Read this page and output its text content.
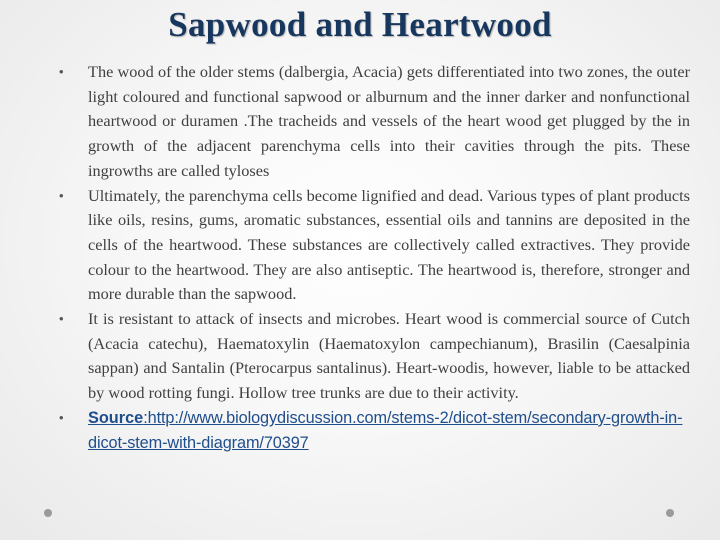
Sapwood and Heartwood
• The wood of the older stems (dalbergia, Acacia) gets differentiated into two zones, the outer light coloured and functional sapwood or alburnum and the inner darker and nonfunctional heartwood or duramen .The tracheids and vessels of the heart wood get plugged by the in growth of the adjacent parenchyma cells into their cavities through the pits. These ingrowths are called tyloses
• Ultimately, the parenchyma cells become lignified and dead. Various types of plant products like oils, resins, gums, aromatic substances, essential oils and tannins are deposited in the cells of the heartwood. These substances are collectively called extractives. They provide colour to the heartwood. They are also antiseptic. The heartwood is, therefore, stronger and more durable than the sapwood.
• It is resistant to attack of insects and microbes. Heart wood is commercial source of Cutch (Acacia catechu), Haematoxylin (Haematoxylon campechianum), Brasilin (Caesalpinia sappan) and Santalin (Pterocarpus santalinus). Heart-woodis, however, liable to be attacked by wood rotting fungi. Hollow tree trunks are due to their activity.
• Source:http://www.biologydiscussion.com/stems-2/dicot-stem/secondary-growth-in-dicot-stem-with-diagram/70397
